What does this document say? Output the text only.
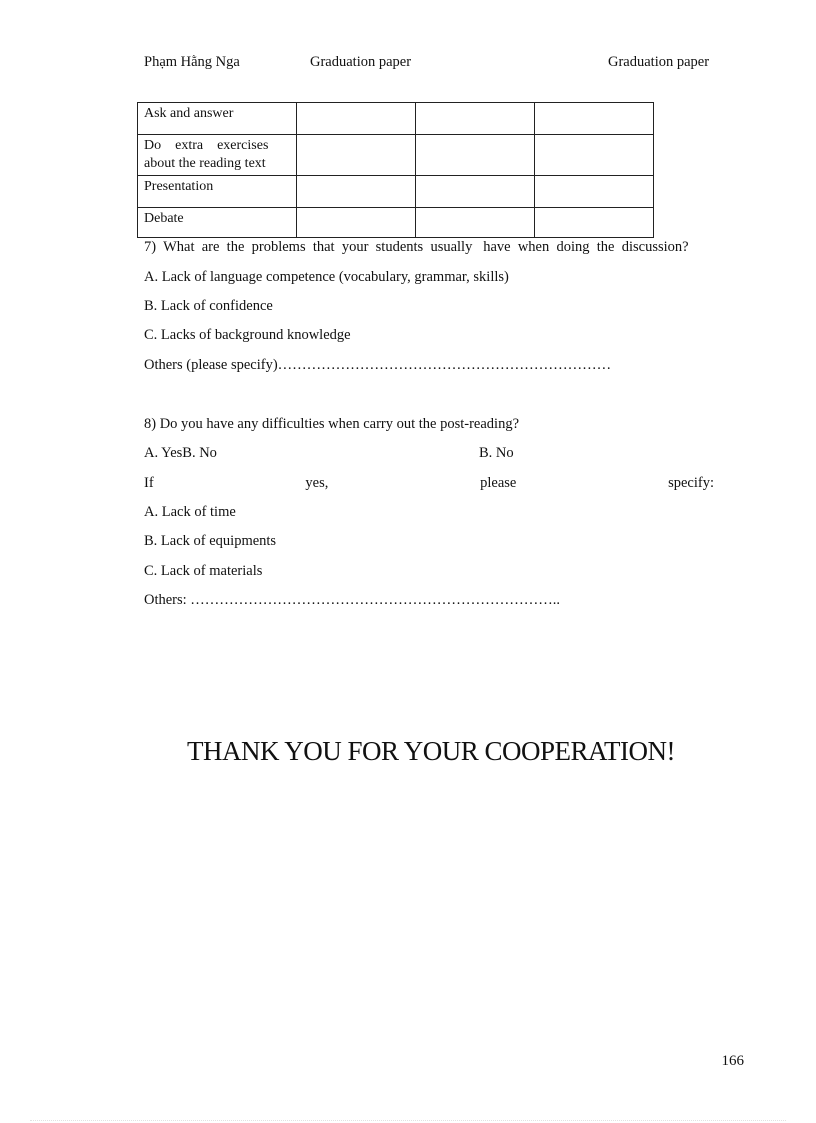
Phạm Hằng Nga	Graduation paper	Graduation paper
Ask and answer			
Do    extra    exercises
about the reading text			
Presentation			
Debate			
7)  What  are  the  problems  that  your  students  usually   have  when  doing  the  discussion?
A. Lack of language competence (vocabulary, grammar, skills)
B. Lack of confidence
C. Lacks of background knowledge
Others (please specify)……………………………………………………………
8) Do you have any difficulties when carry out the post-reading?
A. YesB. No	B. No
If	yes,	please	specify:
A. Lack of time
B. Lack of equipments
C. Lack of materials
Others: …………………………………………………………………..
THANK YOU FOR YOUR COOPERATION!
166
